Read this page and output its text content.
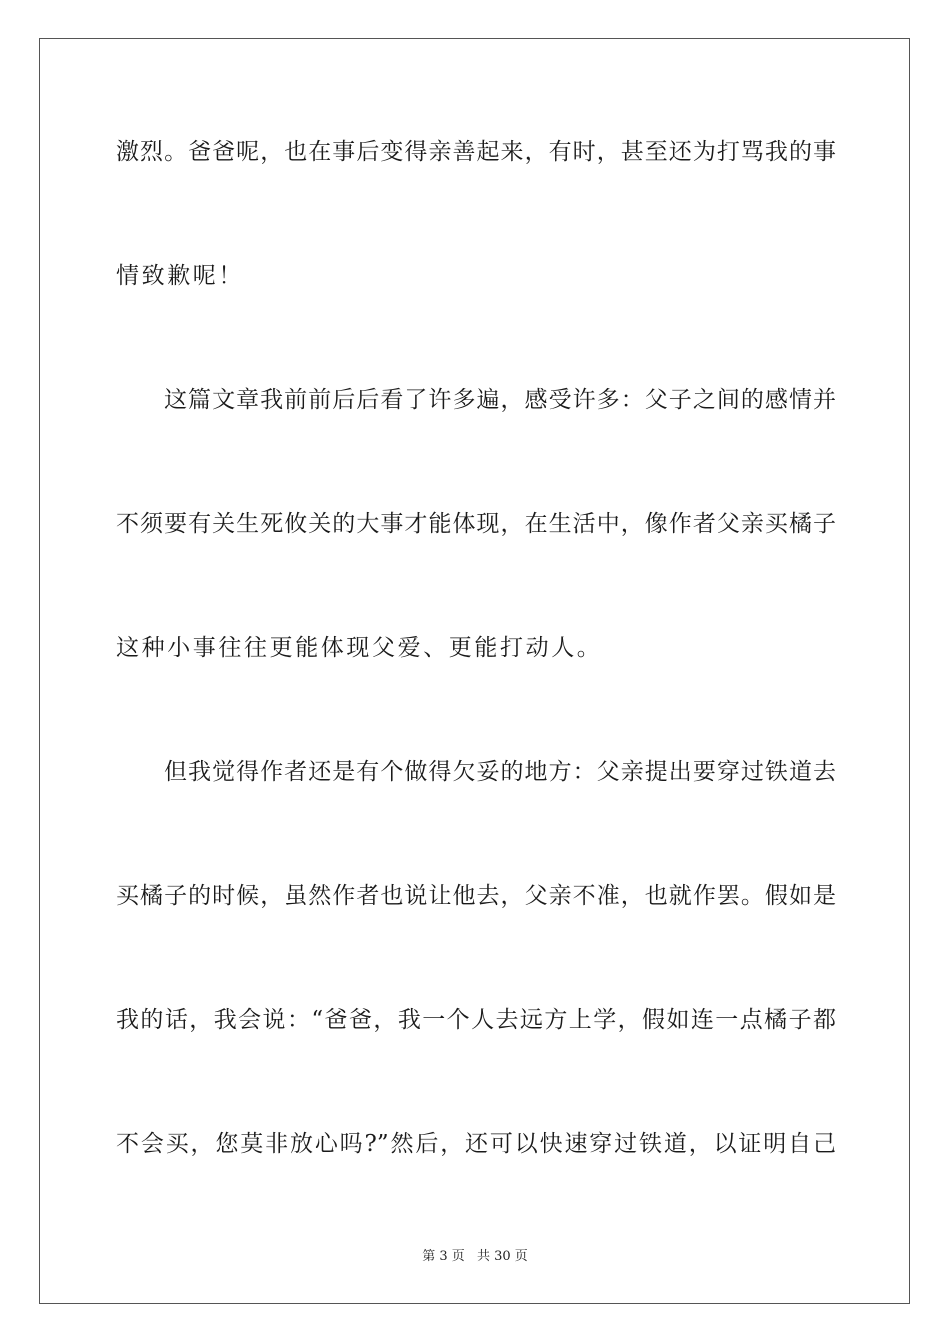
激烈。爸爸呢，也在事后变得亲善起来，有时，甚至还为打骂我的事
情致歉呢！
这篇文章我前前后后看了许多遍，感受许多：父子之间的感情并
不须要有关生死攸关的大事才能体现，在生活中，像作者父亲买橘子
这种小事往往更能体现父爱、更能打动人。
但我觉得作者还是有个做得欠妥的地方：父亲提出要穿过铁道去
买橘子的时候，虽然作者也说让他去，父亲不准，也就作罢。假如是
我的话，我会说：“爸爸，我一个人去远方上学，假如连一点橘子都
不会买，您莫非放心吗?”然后，还可以快速穿过铁道，以证明自己
第 3 页 共 30 页
